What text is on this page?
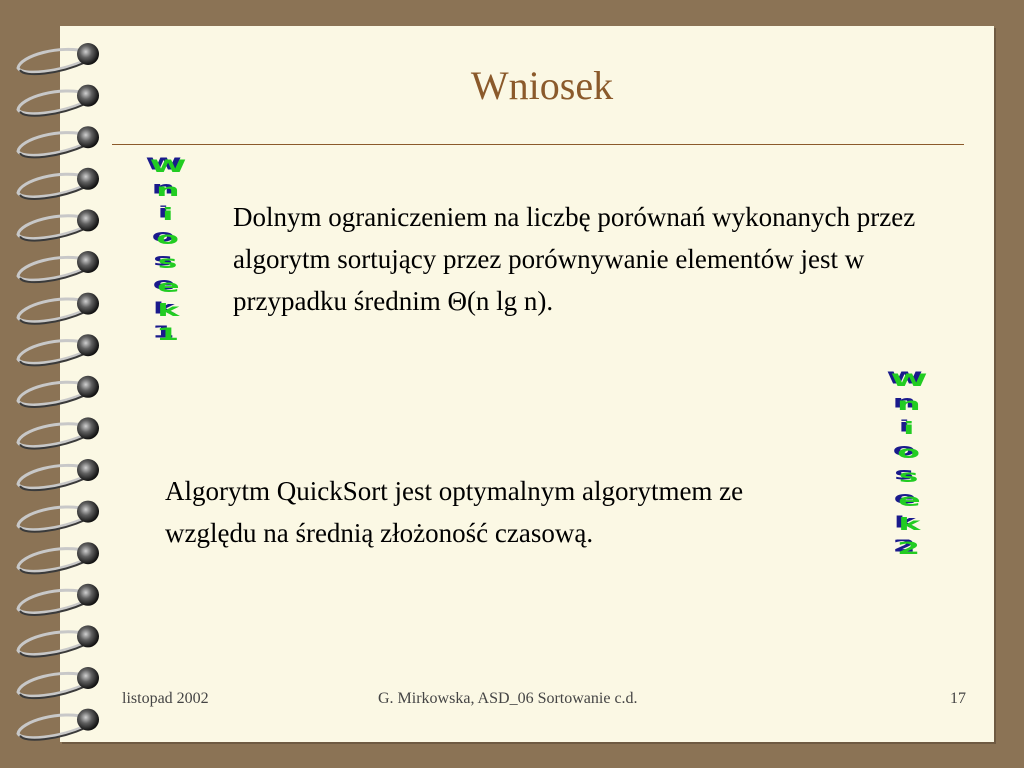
Wniosek
W
n
i
o
s
e
k
1
Dolnym ograniczeniem na liczbę porównań wykonanych przez algorytm sortujący przez porównywanie elementów jest w przypadku średnim Θ(n lg n).
Algorytm QuickSort jest optymalnym algorytmem ze względu na średnią złożoność czasową.
W
n
i
o
s
e
k
2
listopad 2002	G. Mirkowska, ASD_06 Sortowanie c.d.	17
